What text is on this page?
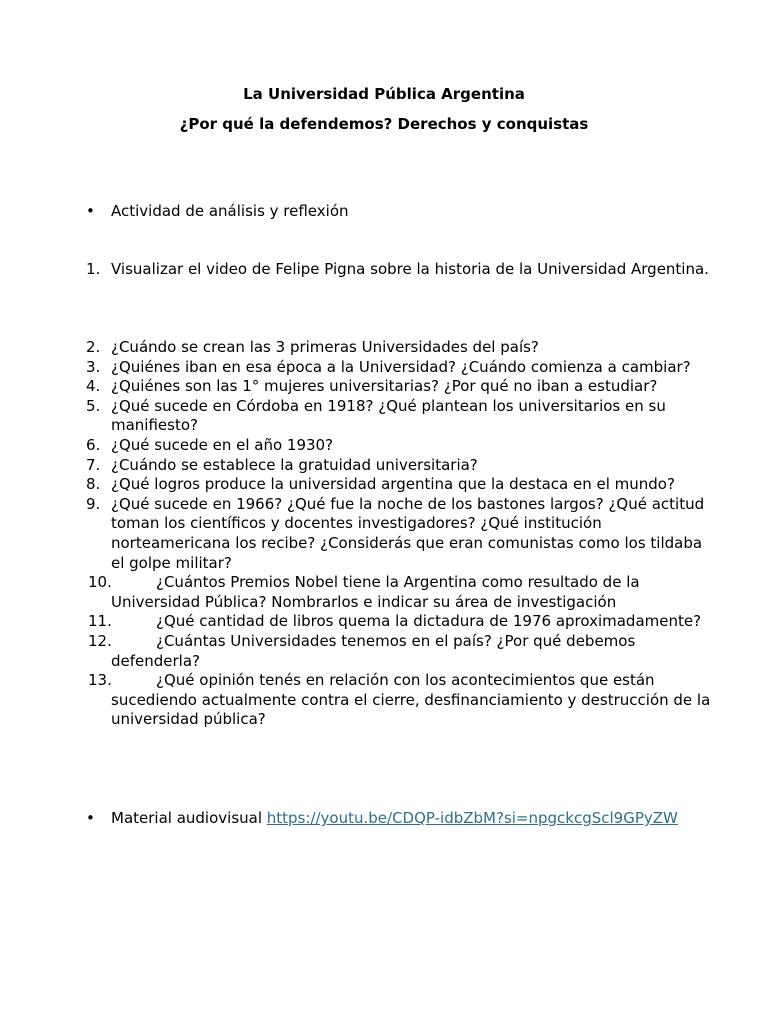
La Universidad Pública Argentina
¿Por qué la defendemos? Derechos y conquistas
• Actividad de análisis y reflexión
1. Visualizar el video de Felipe Pigna sobre la historia de la Universidad Argentina.
2. ¿Cuándo se crean las 3 primeras Universidades del país?
3. ¿Quiénes iban en esa época a la Universidad? ¿Cuándo comienza a cambiar?
4. ¿Quiénes son las 1° mujeres universitarias? ¿Por qué no iban a estudiar?
5. ¿Qué sucede en Córdoba en 1918? ¿Qué plantean los universitarios en su manifiesto?
6. ¿Qué sucede en el año 1930?
7. ¿Cuándo se establece la gratuidad universitaria?
8. ¿Qué logros produce la universidad argentina que la destaca en el mundo?
9. ¿Qué sucede en 1966? ¿Qué fue la noche de los bastones largos? ¿Qué actitud toman los científicos y docentes investigadores? ¿Qué institución norteamericana los recibe? ¿Considerás que eran comunistas como los tildaba el golpe militar?
10.	¿Cuántos Premios Nobel tiene la Argentina como resultado de la Universidad Pública? Nombrarlos e indicar su área de investigación
11.	¿Qué cantidad de libros quema la dictadura de 1976 aproximadamente?
12.	¿Cuántas Universidades tenemos en el país? ¿Por qué debemos defenderla?
13.	¿Qué opinión tenés en relación con los acontecimientos que están sucediendo actualmente contra el cierre, desfinanciamiento y destrucción de la universidad pública?
• Material audiovisual https://youtu.be/CDQP-idbZbM?si=npgckcgScl9GPyZW
